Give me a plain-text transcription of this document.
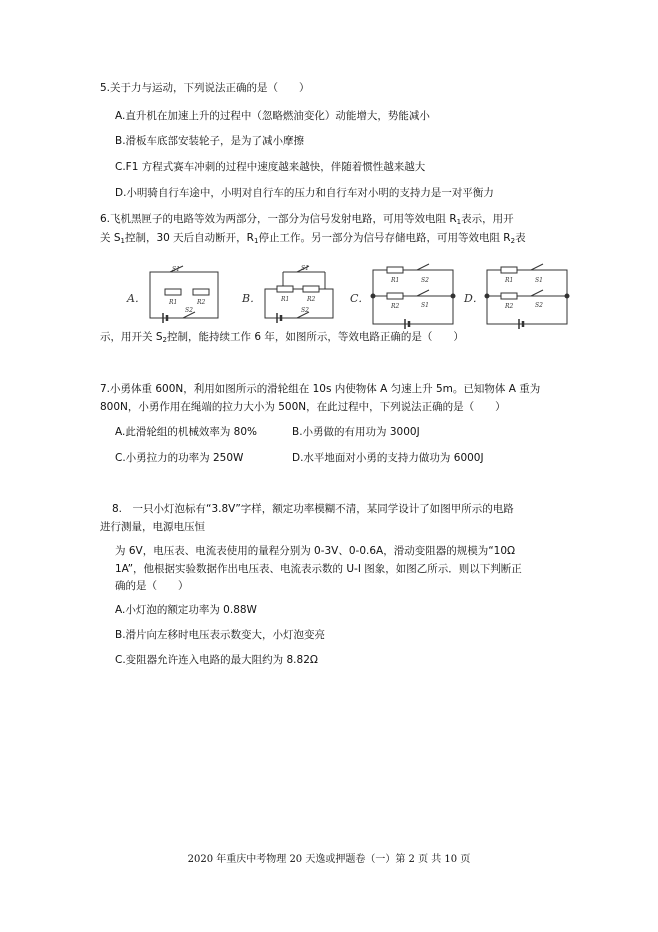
5.关于力与运动，下列说法正确的是（　　）
A.直升机在加速上升的过程中（忽略燃油变化）动能增大，势能减小
B.滑板车底部安装轮子，是为了减小摩擦
C.F1 方程式赛车冲刺的过程中速度越来越快，伴随着惯性越来越大
D.小明骑自行车途中，小明对自行车的压力和自行车对小明的支持力是一对平衡力
6.飞机黑匣子的电路等效为两部分，一部分为信号发射电路，可用等效电阻 R1表示，用开
关 S1控制，30 天后自动断开，R1停止工作。另一部分为信号存储电路，可用等效电阻 R2表
A．	B．	C．	D．
R1	R2
S1
S2
R1	R2
S1
S2
R1	S2
R2	S1
R1	S1
R2	S2
示，用开关 S2控制，能持续工作 6 年，如图所示，等效电路正确的是（　　）
7.小勇体重 600N，利用如图所示的滑轮组在 10s 内使物体 A 匀速上升 5m。已知物体 A 重为
800N，小勇作用在绳端的拉力大小为 500N，在此过程中，下列说法正确的是（　　）
A.此滑轮组的机械效率为 80%	B.小勇做的有用功为 3000J
C.小勇拉力的功率为 250W	D.水平地面对小勇的支持力做功为 6000J
8.　一只小灯泡标有“3.8V”字样，额定功率模糊不清，某同学设计了如图甲所示的电路
进行测量，电源电压恒
为 6V，电压表、电流表使用的量程分别为 0-3V、0-0.6A，滑动变阻器的规模为“10Ω
1A”，他根据实验数据作出电压表、电流表示数的 U-I 图象，如图乙所示．则以下判断正
确的是（　　）
A.小灯泡的额定功率为 0.88W
B.滑片向左移时电压表示数变大，小灯泡变亮
C.变阻器允许连入电路的最大阻约为 8.82Ω
2020 年重庆中考物理 20 天逸或押题卷（一）第 2 页 共 10 页
